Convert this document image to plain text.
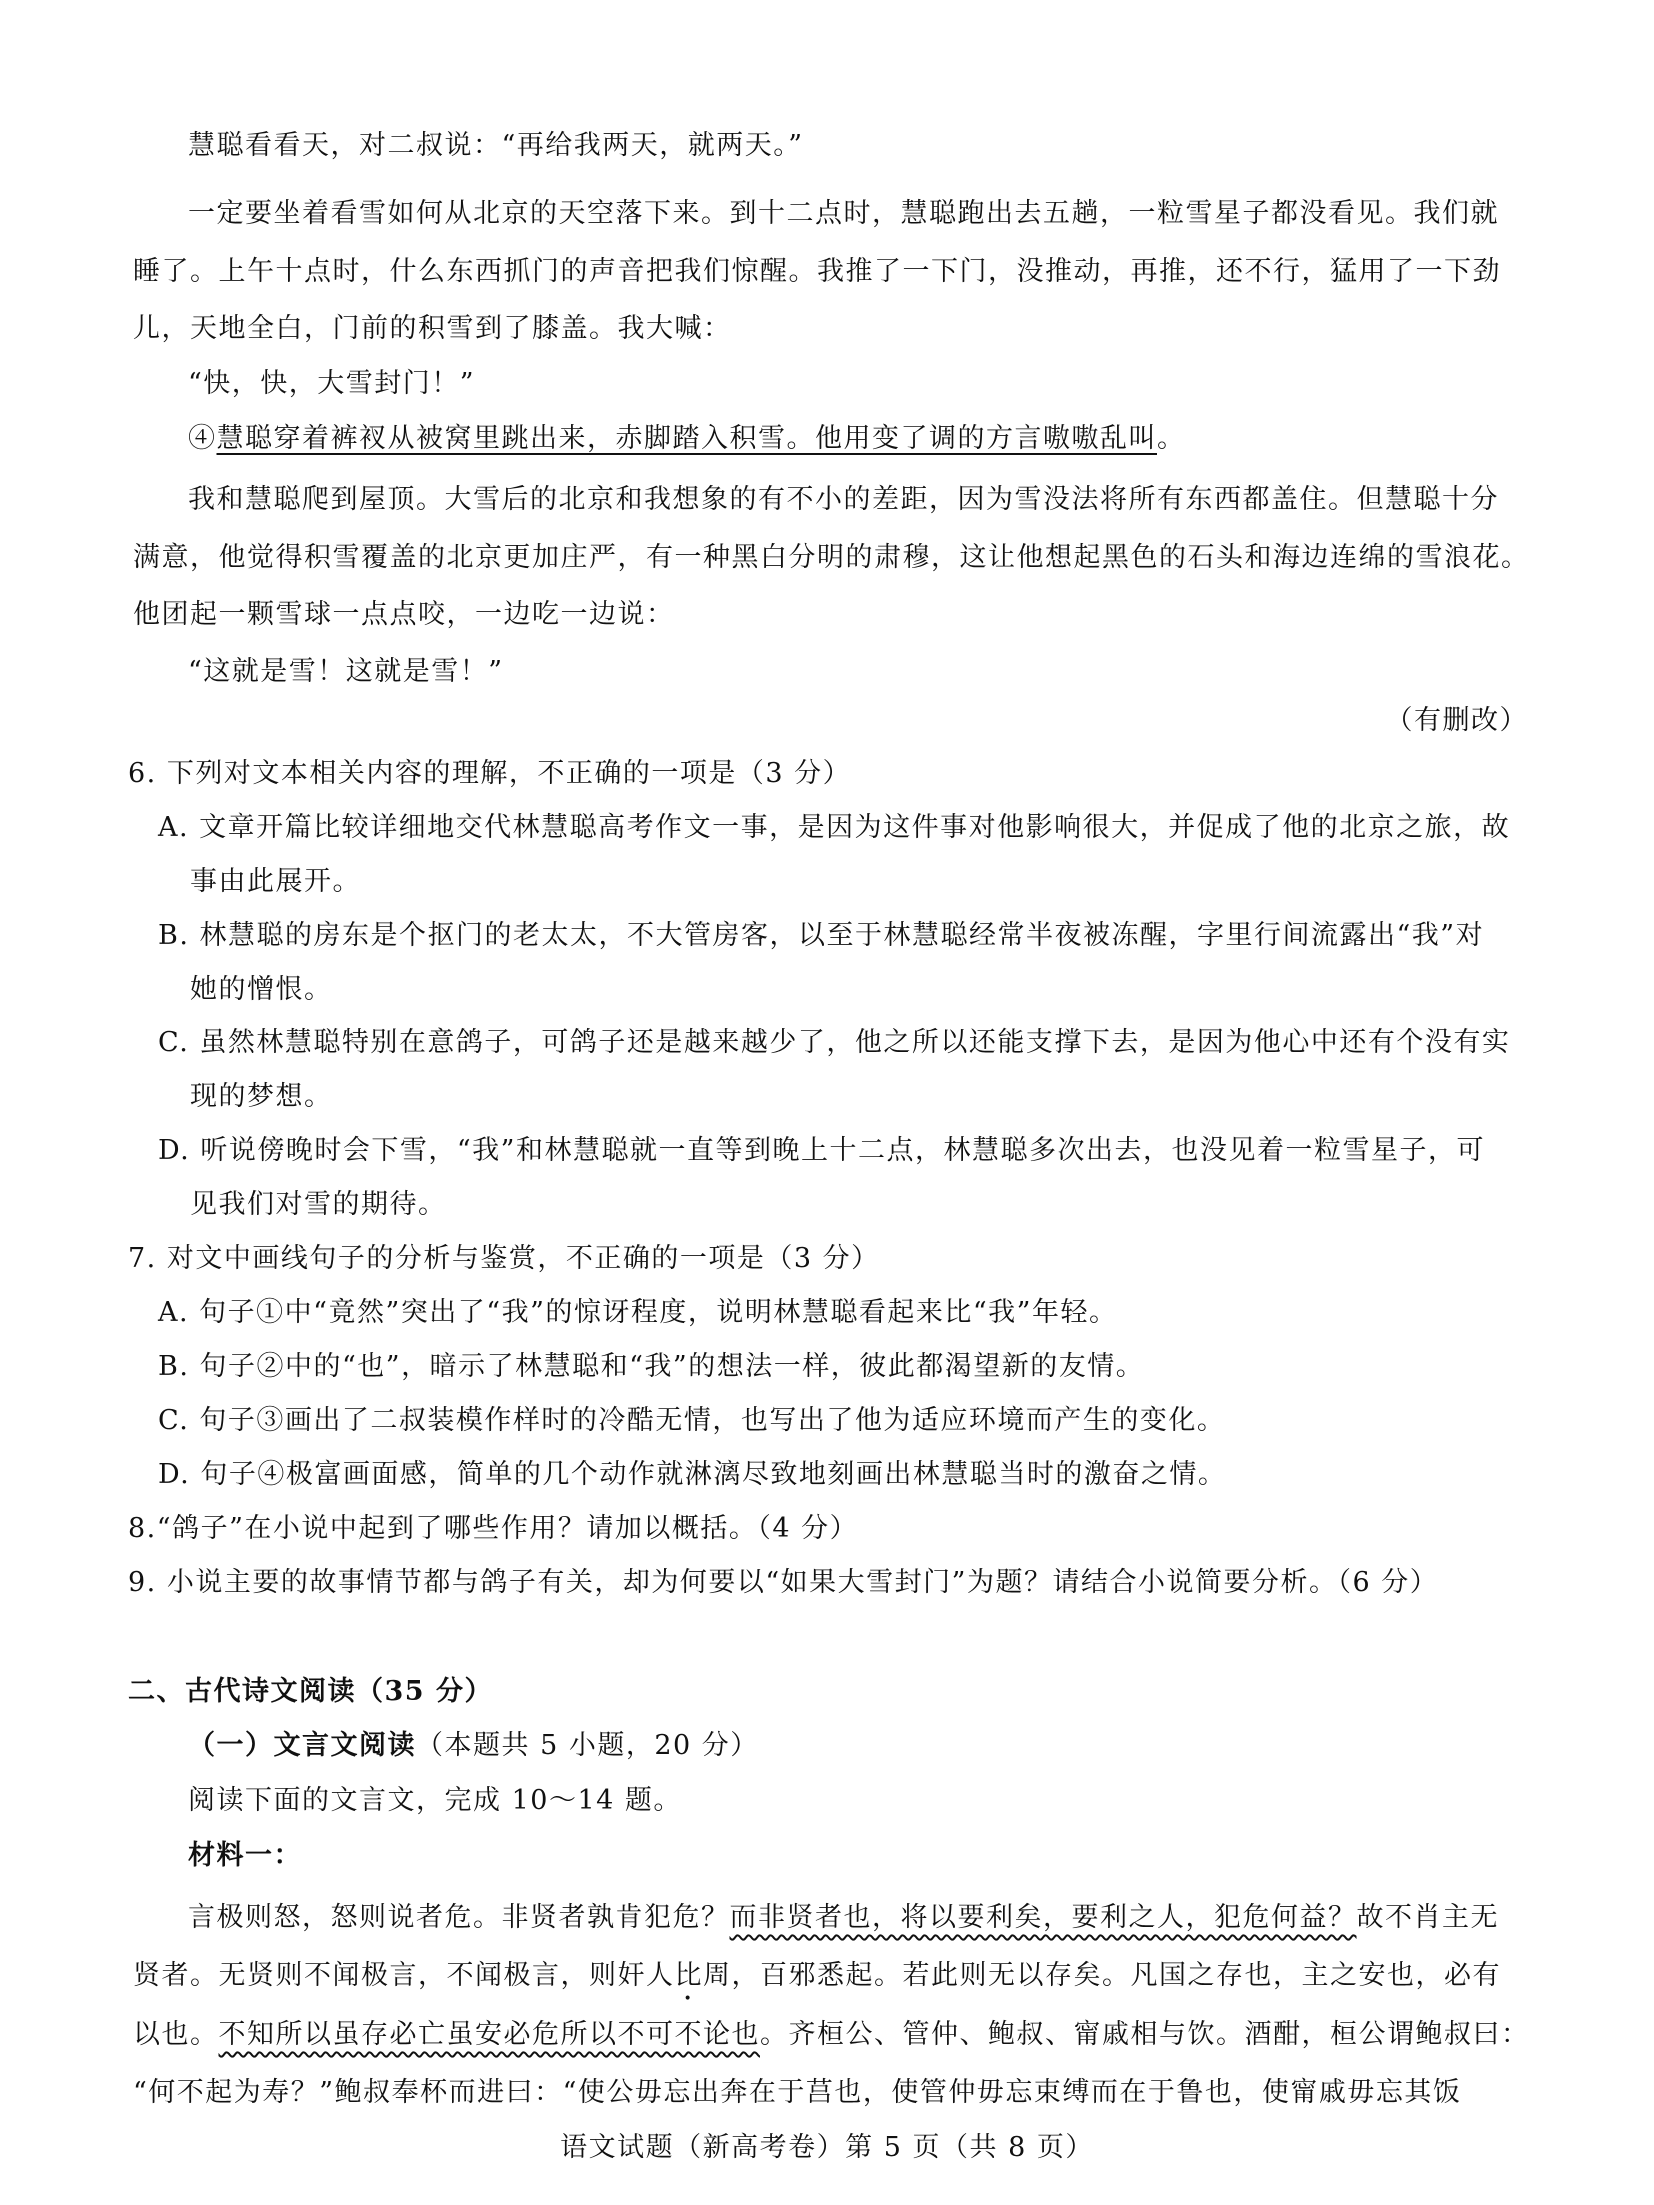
慧聪看看天，对二叔说：“再给我两天，就两天。”
一定要坐着看雪如何从北京的天空落下来。到十二点时，慧聪跑出去五趟，一粒雪星子都没看见。我们就
睡了。上午十点时，什么东西抓门的声音把我们惊醒。我推了一下门，没推动，再推，还不行，猛用了一下劲
儿，天地全白，门前的积雪到了膝盖。我大喊：
“快，快，大雪封门！”
④慧聪穿着裤衩从被窝里跳出来，赤脚踏入积雪。他用变了调的方言嗷嗷乱叫。
我和慧聪爬到屋顶。大雪后的北京和我想象的有不小的差距，因为雪没法将所有东西都盖住。但慧聪十分
满意，他觉得积雪覆盖的北京更加庄严，有一种黑白分明的肃穆，这让他想起黑色的石头和海边连绵的雪浪花。
他团起一颗雪球一点点咬，一边吃一边说：
“这就是雪！这就是雪！”
（有删改）
6. 下列对文本相关内容的理解，不正确的一项是（3 分）
A. 文章开篇比较详细地交代林慧聪高考作文一事，是因为这件事对他影响很大，并促成了他的北京之旅，故
事由此展开。
B. 林慧聪的房东是个抠门的老太太，不大管房客，以至于林慧聪经常半夜被冻醒，字里行间流露出“我”对
她的憎恨。
C. 虽然林慧聪特别在意鸽子，可鸽子还是越来越少了，他之所以还能支撑下去，是因为他心中还有个没有实
现的梦想。
D. 听说傍晚时会下雪，“我”和林慧聪就一直等到晚上十二点，林慧聪多次出去，也没见着一粒雪星子，可
见我们对雪的期待。
7. 对文中画线句子的分析与鉴赏，不正确的一项是（3 分）
A. 句子①中“竟然”突出了“我”的惊讶程度，说明林慧聪看起来比“我”年轻。
B. 句子②中的“也”，暗示了林慧聪和“我”的想法一样，彼此都渴望新的友情。
C. 句子③画出了二叔装模作样时的冷酷无情，也写出了他为适应环境而产生的变化。
D. 句子④极富画面感，简单的几个动作就淋漓尽致地刻画出林慧聪当时的激奋之情。
8.“鸽子”在小说中起到了哪些作用？请加以概括。（4 分）
9. 小说主要的故事情节都与鸽子有关，却为何要以“如果大雪封门”为题？请结合小说简要分析。（6 分）
二、古代诗文阅读（35 分）
（一）文言文阅读（本题共 5 小题，20 分）
阅读下面的文言文，完成 10～14 题。
材料一：
言极则怒，怒则说者危。非贤者孰肯犯危？而非贤者也，将以要利矣，要利之人，犯危何益？故不肖主无
贤者。无贤则不闻极言，不闻极言，则奸人比周，百邪悉起。若此则无以存矣。凡国之存也，主之安也，必有
以也。不知所以虽存必亡虽安必危所以不可不论也。齐桓公、管仲、鲍叔、甯戚相与饮。酒酣，桓公谓鲍叔曰：
“何不起为寿？”鲍叔奉杯而进曰：“使公毋忘出奔在于莒也，使管仲毋忘束缚而在于鲁也，使甯戚毋忘其饭
语文试题（新高考卷）第 5 页（共 8 页）
